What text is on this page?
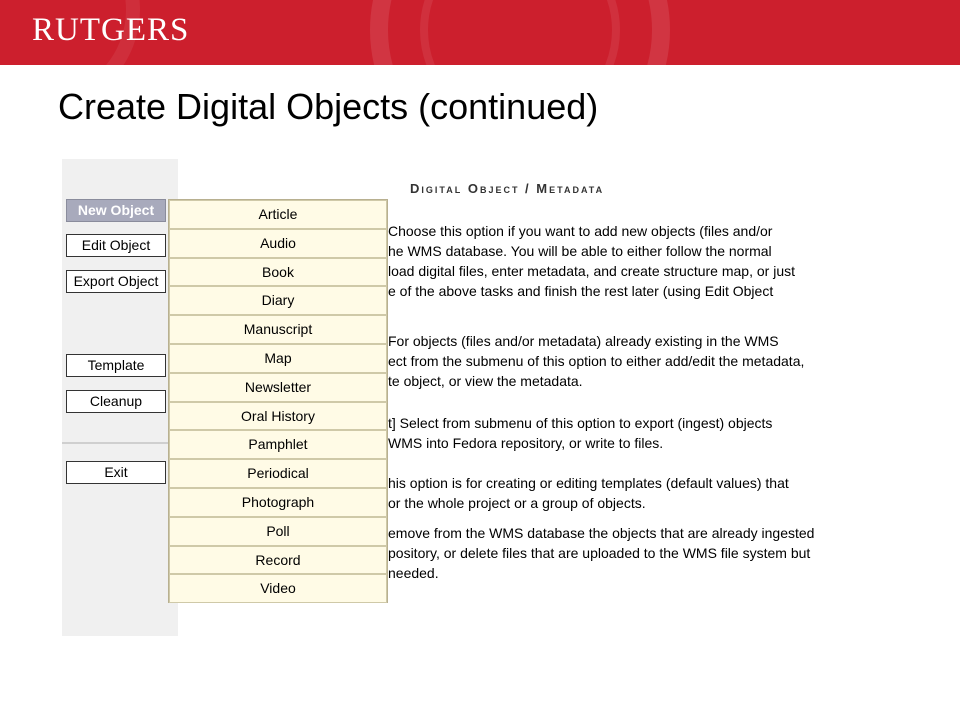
RUTGERS
Create Digital Objects (continued)
New Object
Edit Object
Export Object
Template
Cleanup
Exit
Digital Object / Metadata
Choose this option if you want to add new objects (files and/or
he WMS database. You will be able to either follow the normal
load digital files, enter metadata, and create structure map, or just
e of the above tasks and finish the rest later (using Edit Object
For objects (files and/or metadata) already existing in the WMS
ect from the submenu of this option to either add/edit the metadata,
te object, or view the metadata.
t] Select from submenu of this option to export (ingest) objects
WMS into Fedora repository, or write to files.
his option is for creating or editing templates (default values) that
or the whole project or a group of objects.
emove from the WMS database the objects that are already ingested
pository, or delete files that are uploaded to the WMS file system but
needed.
Article
Audio
Book
Diary
Manuscript
Map
Newsletter
Oral History
Pamphlet
Periodical
Photograph
Poll
Record
Video
